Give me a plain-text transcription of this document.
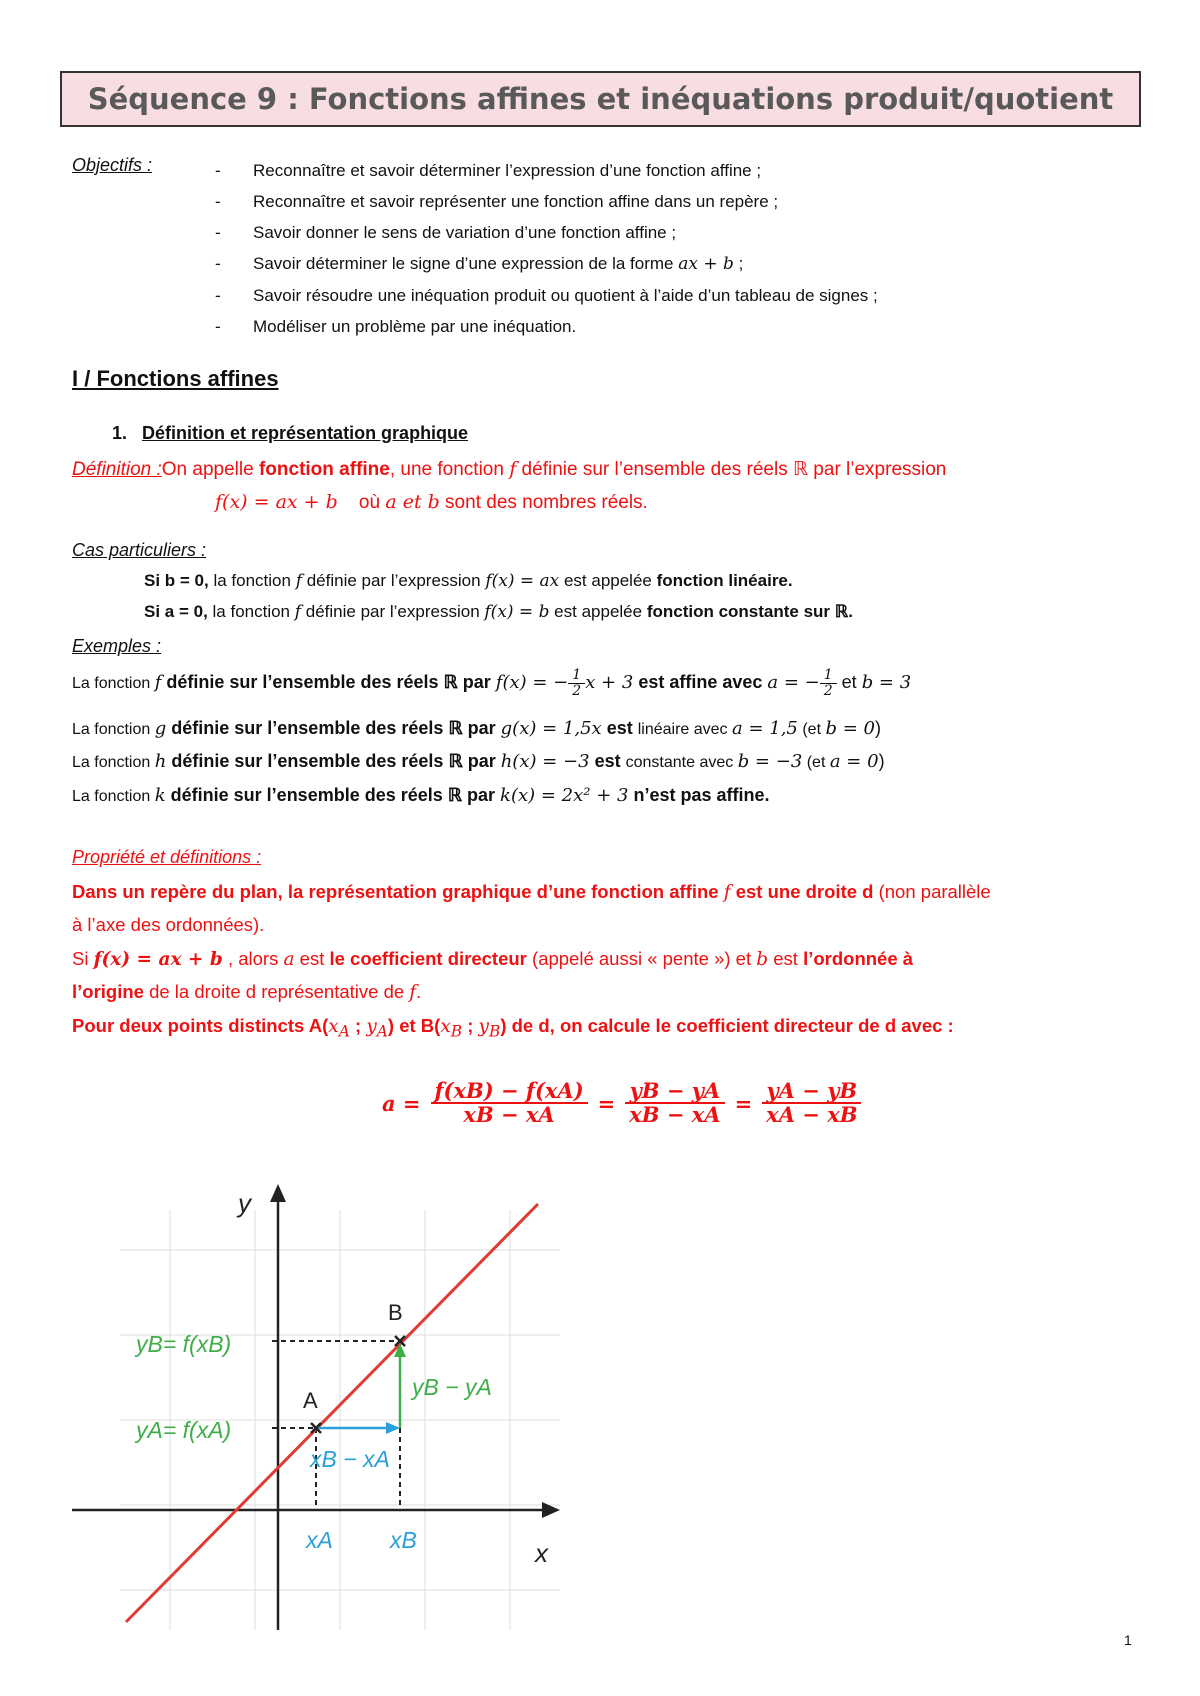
Séquence 9 : Fonctions affines et inéquations produit/quotient
Objectifs :	- Reconnaître et savoir déterminer l’expression d’une fonction affine ;
- Reconnaître et savoir représenter une fonction affine dans un repère ;
- Savoir donner le sens de variation d’une fonction affine ;
- Savoir déterminer le signe d’une expression de la forme ax + b ;
- Savoir résoudre une inéquation produit ou quotient à l’aide d’un tableau de signes ;
- Modéliser un problème par une inéquation.
I / Fonctions affines
1. Définition et représentation graphique
Définition :On appelle fonction affine, une fonction f définie sur l’ensemble des réels ℝ par l’expression
f(x) = ax + b où a et b sont des nombres réels.
Cas particuliers :
Si b = 0, la fonction f définie par l’expression f(x) = ax est appelée fonction linéaire.
Si a = 0, la fonction f définie par l’expression f(x) = b est appelée fonction constante sur ℝ.
Exemples :
La fonction f définie sur l’ensemble des réels ℝ par f(x) = − $\frac{1}{2}$ x + 3 est affine avec a = − $\frac{1}{2}$ et b = 3
La fonction g définie sur l’ensemble des réels ℝ par g(x) = 1,5x est linéaire avec a = 1,5 (et b = 0)
La fonction h définie sur l’ensemble des réels ℝ par h(x) = −3 est constante avec b = −3 (et a = 0)
La fonction k définie sur l’ensemble des réels ℝ par k(x) = 2x² + 3 n’est pas affine.
Propriété et définitions :
Dans un repère du plan, la représentation graphique d’une fonction affine f est une droite d (non parallèle
à l’axe des ordonnées).
Si f(x) = ax + b , alors a est le coefficient directeur (appelé aussi « pente ») et b est l’ordonnée à
l’origine de la droite d représentative de f.
Pour deux points distincts $A(x_A$ ; $y_A$) et $B(x_B$ ; $y_B$) de d, on calcule le coefficient directeur de d avec :
$a = \frac{f(xB) - f(xA)}{xB - xA} = \frac{yB - yA}{xB - xA} = \frac{yA - yB}{xA - xB}$
y
x
A
B
yB= f(xB)
yA= f(xA)
yB − yA
xB − xA
xA xB
1
